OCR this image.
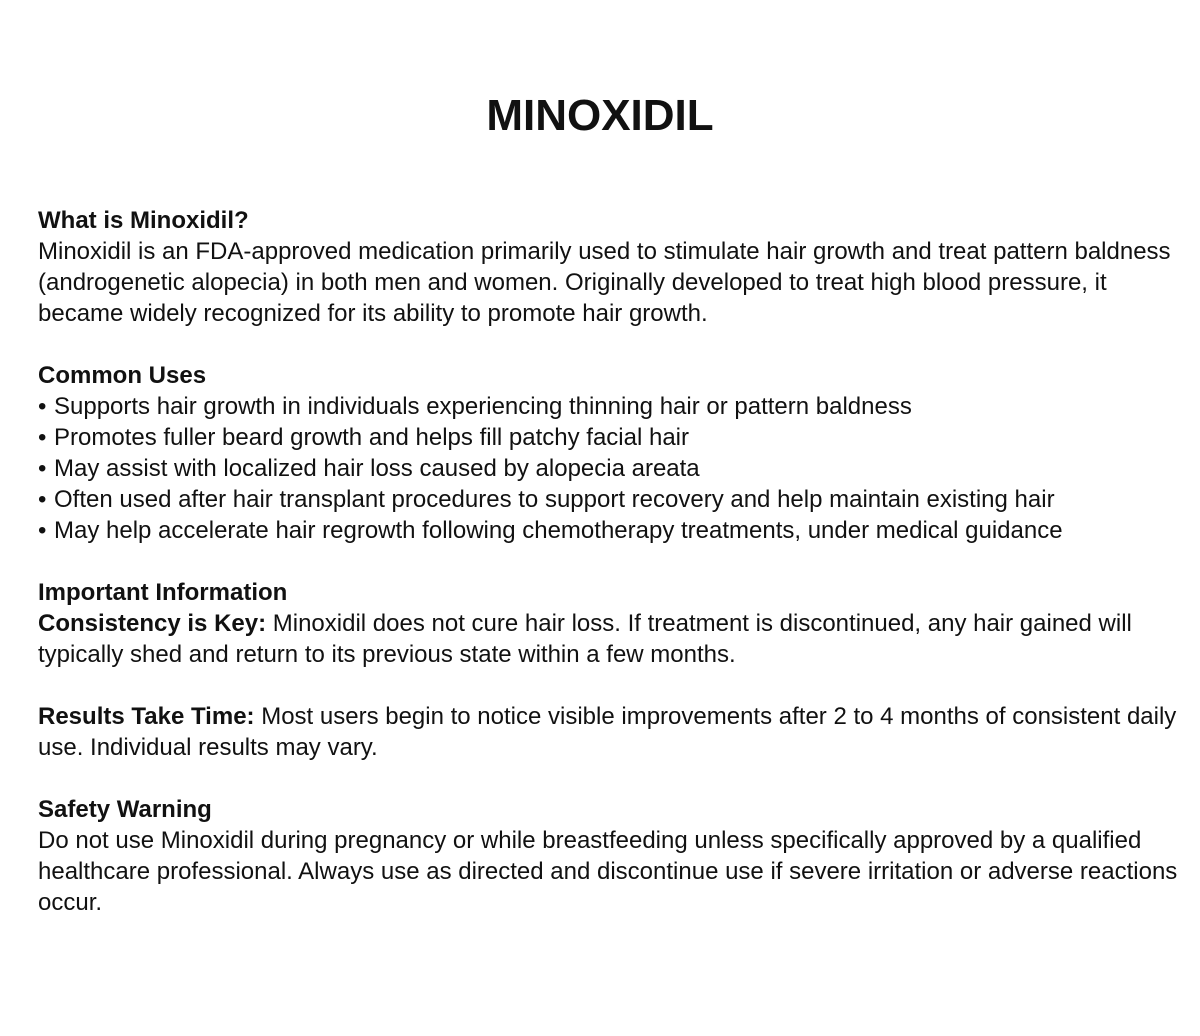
MINOXIDIL

What is Minoxidil?

Minoxidil is an FDA-approved medication primarily used to stimulate hair growth and treat pattern baldness (androgenetic alopecia) in both men and women. Originally developed to treat high blood pressure, it became widely recognized for its ability to promote hair growth.

Common Uses

• Supports hair growth in individuals experiencing thinning hair or pattern baldness
• Promotes fuller beard growth and helps fill patchy facial hair
• May assist with localized hair loss caused by alopecia areata
• Often used after hair transplant procedures to support recovery and help maintain existing hair
• May help accelerate hair regrowth following chemotherapy treatments, under medical guidance

Important Information

Consistency is Key: Minoxidil does not cure hair loss. If treatment is discontinued, any hair gained will typically shed and return to its previous state within a few months.

Results Take Time: Most users begin to notice visible improvements after 2 to 4 months of consistent daily use. Individual results may vary.

Safety Warning

Do not use Minoxidil during pregnancy or while breastfeeding unless specifically approved by a qualified healthcare professional. Always use as directed and discontinue use if severe irritation or adverse reactions occur.
